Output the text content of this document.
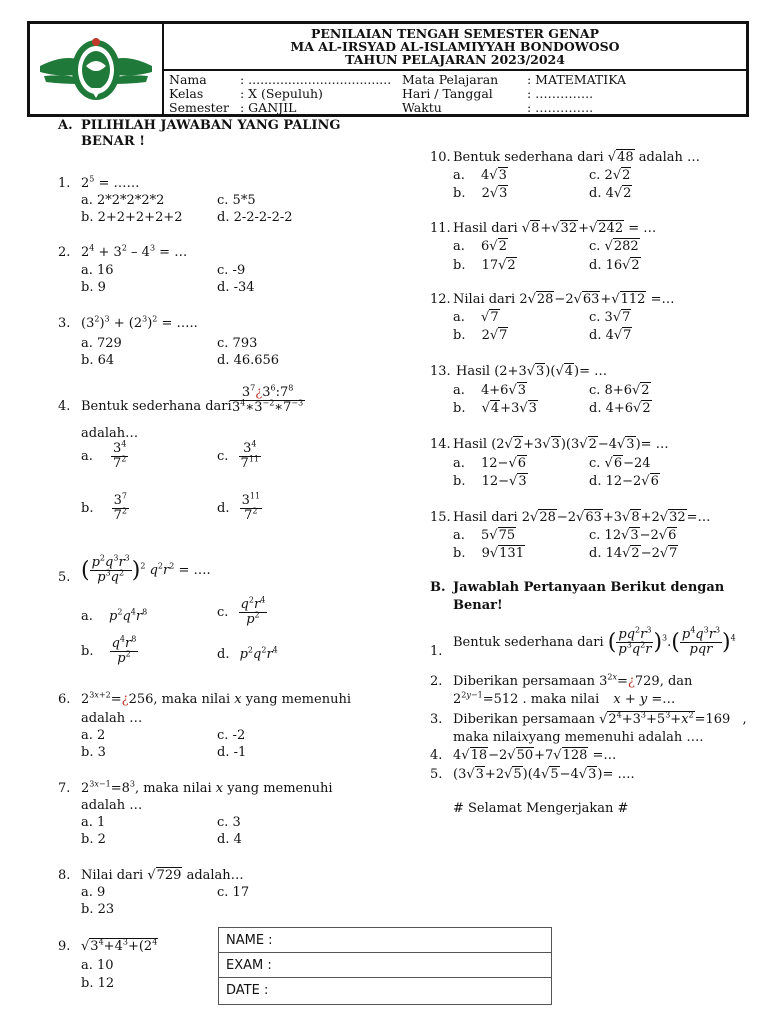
PENILAIAN TENGAH SEMESTER GENAP
MA AL-IRSYAD AL-ISLAMIYYAH BONDOWOSO
TAHUN PELAJARAN 2023/2024
Nama	: ....................................
Kelas	: X (Sepuluh)
Semester : GANJIL
Mata Pelajaran : MATEMATIKA
Hari / Tanggal	: …………..
Waktu	: …………..
A. PILIHLAH JAWABAN YANG PALING
BENAR !
1. $2^5$ = ……
a. 2*2*2*2*2	c. 5*5
b. 2+2+2+2+2	d. 2-2-2-2-2
2. $2^4 + 3^2 - 4^3$ = …
a. 16	c. -9
b. 9	d. -34
3. $(3^2)^3 + (2^3)^2$ = …..
a. 729	c. 793
b. 64	d. 46.656
4. Bentuk sederhana dari
$\frac{3^7¿3^6:7^8}{3^4∗3^{-2}∗7^{-3}}$
adalah…
a. $\frac{3^4}{7^2}$	c. $\frac{3^4}{7^{11}}$
b. $\frac{3^7}{7^2}$	d. $\frac{3^{11}}{7^2}$
5. ( $\frac{p^2q^3r^3}{p^3q^2} )^2$ $q^2r^2$ = ….
a. $p^2q^4r^8$	c. $\frac{q^2r^4}{p^2}$
b. $\frac{q^4r^8}{p^2}$	d. $p^2q^2r^4$
6. $2^{3x+2}=¿256$, maka nilai x yang memenuhi
adalah …
a. 2	c. -2
b. 3	d. -1
7. $2^{3x-1}=8^3$, maka nilai x yang memenuhi
adalah …
a. 1	c. 3
b. 2	d. 4
8. Nilai dari √729 adalah…
a. 9	c. 17
b. 23
9. $√3^4+4^3+(2^4$
a. 10
b. 12
10. Bentuk sederhana dari √48 adalah …
a. 4√3	c. 2√2
b. 2√3	d. 4√2
11. Hasil dari √8+√32+√242 = …
a. 6√2	c. √282
b. 17√2	d. 16√2
12. Nilai dari 2√28−2√63+√112 =…
a. √7	c. 3√7
b. 2√7	d. 4√7
13. Hasil (2+3√3)(√4)= …
a. 4+6√3	c. 8+6√2
b. √4+3√3	d. 4+6√2
14. Hasil (2√2+3√3)(3√2−4√3)= …
a. 12−√6	c. √6−24
b. 12−√3	d. 12−2√6
15. Hasil dari 2√28−2√63+3√8+2√32=…
a. 5√75	c. 12√3−2√6
b. 9√131	d. 14√2−2√7
B. Jawablah Pertanyaan Berikut dengan
Benar!
1.
Bentuk sederhana dari ( $\frac{pq^2r^3}{p^3q^2r} )^3.( \frac{p^4q^3r^3}{\text{pqr}} )^4$
2. Diberikan persamaan $3^{2x}=¿729$, dan
$2^{2y-1}=512$ . maka nilai x + y =…
3. Diberikan persamaan $√2^4+3^3+5^3+x^2=169$ ,
maka nilaixyang memenuhi adalah ….
4. 4√18−2√50+7√128 =…
5. (3√3+2√5)(4√5−4√3)= ….
# Selamat Mengerjakan #
NAME :
EXAM :
DATE :
